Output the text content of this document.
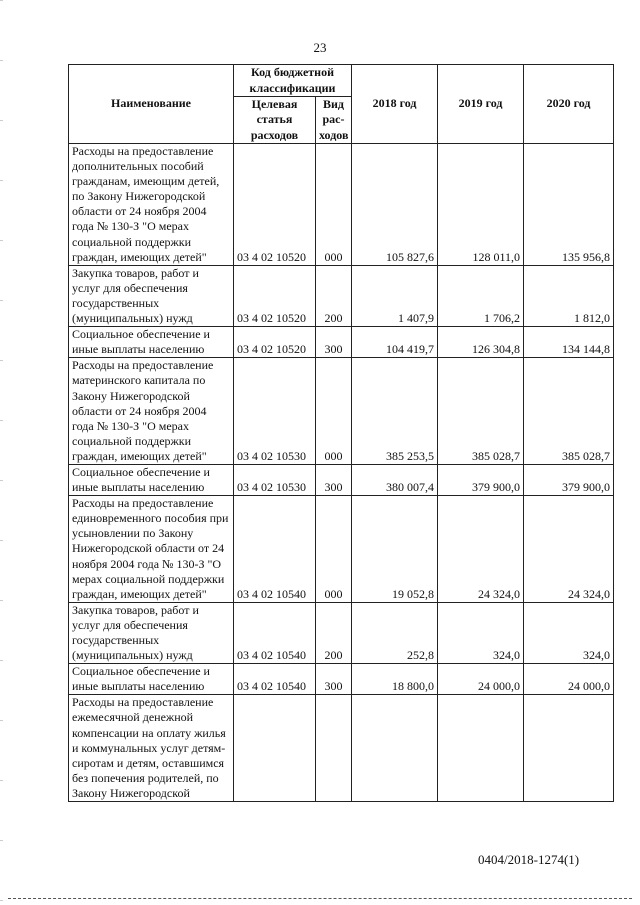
23
Наименование	Код бюджетной классификации		2018 год	2019 год	2020 год
	Целевая статья расходов	Вид рас-ходов			
Расходы на предоставление дополнительных пособий гражданам, имеющим детей, по Закону Нижегородской области от 24 ноября 2004 года № 130-З "О мерах социальной поддержки граждан, имеющих детей"	03 4 02 10520	000	105 827,6	128 011,0	135 956,8
Закупка товаров, работ и услуг для обеспечения государственных (муниципальных) нужд	03 4 02 10520	200	1 407,9	1 706,2	1 812,0
Социальное обеспечение и иные выплаты населению	03 4 02 10520	300	104 419,7	126 304,8	134 144,8
Расходы на предоставление материнского капитала по Закону Нижегородской области от 24 ноября 2004 года № 130-З "О мерах социальной поддержки граждан, имеющих детей"	03 4 02 10530	000	385 253,5	385 028,7	385 028,7
Социальное обеспечение и иные выплаты населению	03 4 02 10530	300	380 007,4	379 900,0	379 900,0
Расходы на предоставление единовременного пособия при усыновлении по Закону Нижегородской области от 24 ноября 2004 года № 130-З "О мерах социальной поддержки граждан, имеющих детей"	03 4 02 10540	000	19 052,8	24 324,0	24 324,0
Закупка товаров, работ и услуг для обеспечения государственных (муниципальных) нужд	03 4 02 10540	200	252,8	324,0	324,0
Социальное обеспечение и иные выплаты населению	03 4 02 10540	300	18 800,0	24 000,0	24 000,0
Расходы на предоставление ежемесячной денежной компенсации на оплату жилья и коммунальных услуг детям-сиротам и детям, оставшимся без попечения родителей, по Закону Нижегородской					
0404/2018-1274(1)
